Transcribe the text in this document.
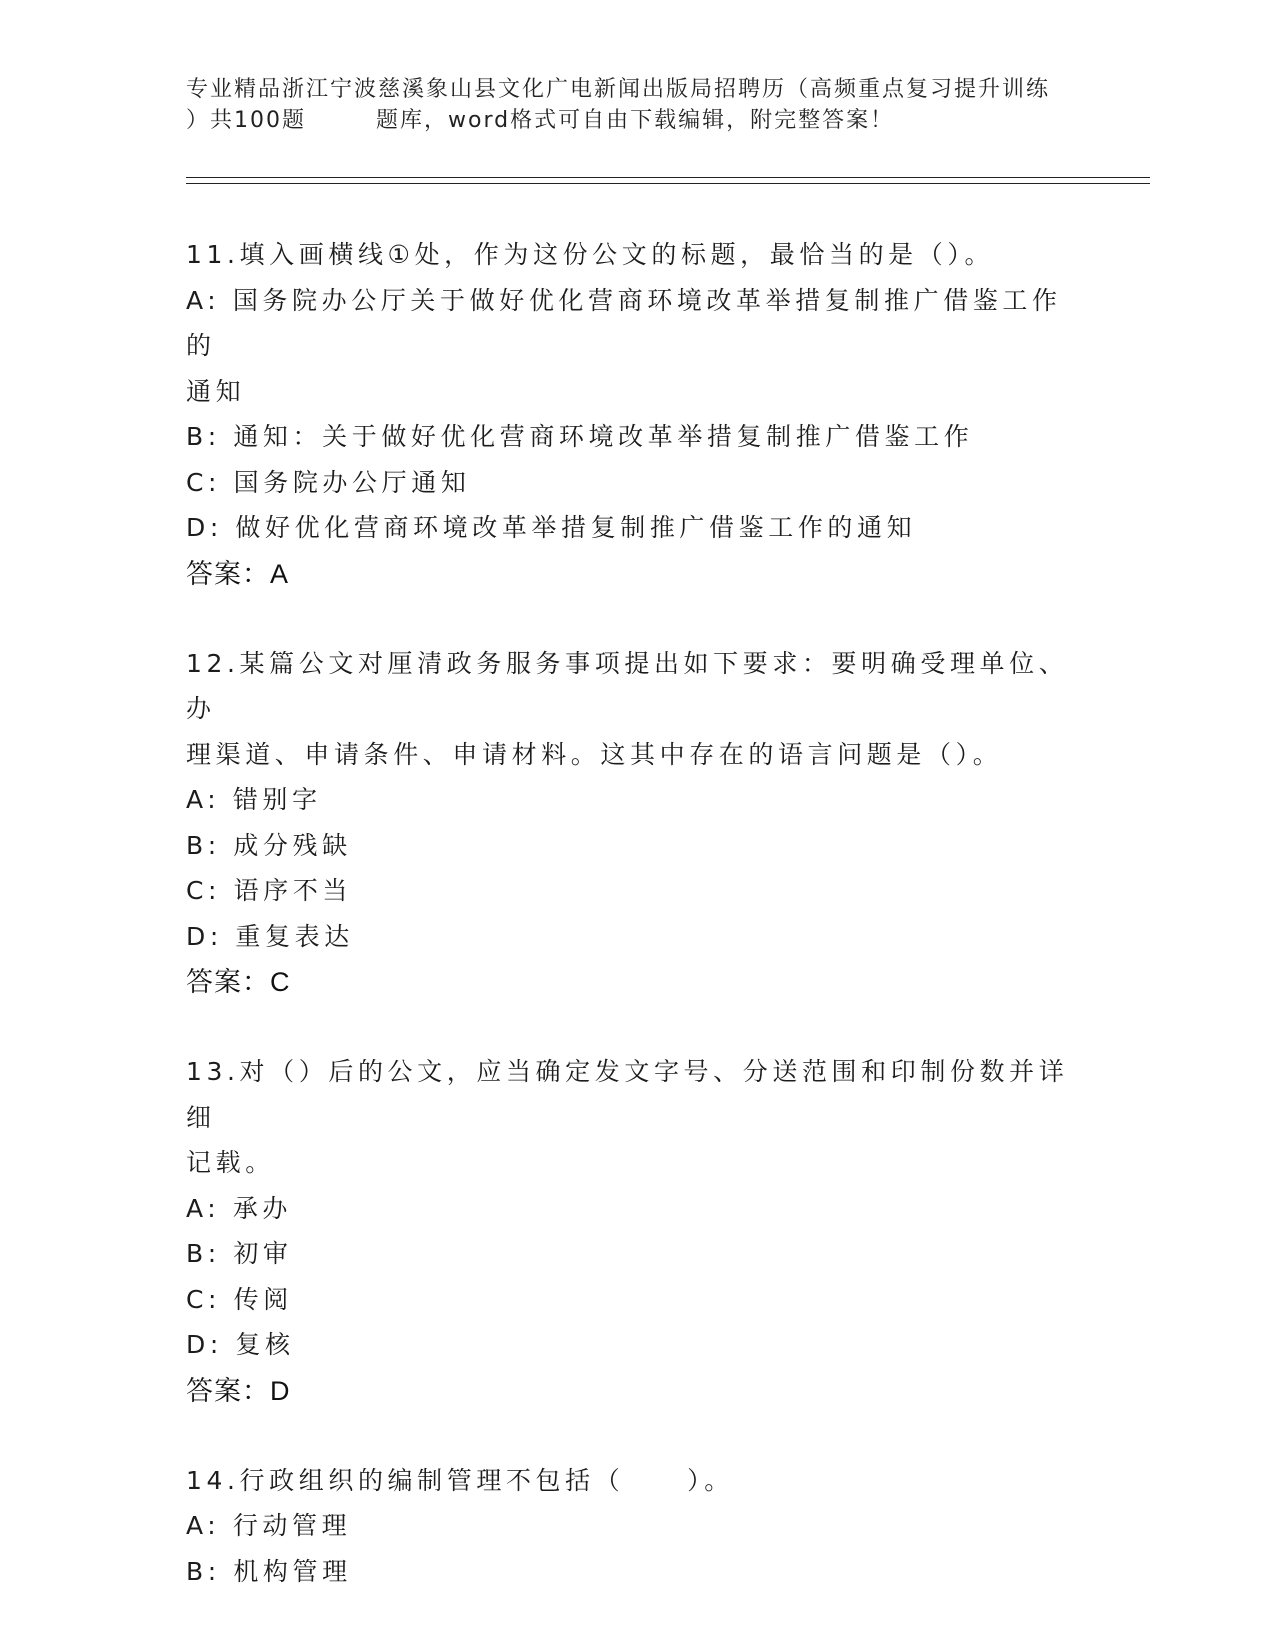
专业精品浙江宁波慈溪象山县文化广电新闻出版局招聘历（高频重点复习提升训练
）共100题	题库，word格式可自由下载编辑，附完整答案！
11.填入画横线①处，作为这份公文的标题，最恰当的是（）。
A: 国务院办公厅关于做好优化营商环境改革举措复制推广借鉴工作的
通知
B: 通知：关于做好优化营商环境改革举措复制推广借鉴工作
C: 国务院办公厅通知
D: 做好优化营商环境改革举措复制推广借鉴工作的通知
答案：A
12.某篇公文对厘清政务服务事项提出如下要求：要明确受理单位、办
理渠道、申请条件、申请材料。这其中存在的语言问题是（）。
A: 错别字
B: 成分残缺
C: 语序不当
D: 重复表达
答案：C
13.对（）后的公文，应当确定发文字号、分送范围和印制份数并详细
记载。
A: 承办
B: 初审
C: 传阅
D: 复核
答案：D
14.行政组织的编制管理不包括（     ）。
A: 行动管理
B: 机构管理
